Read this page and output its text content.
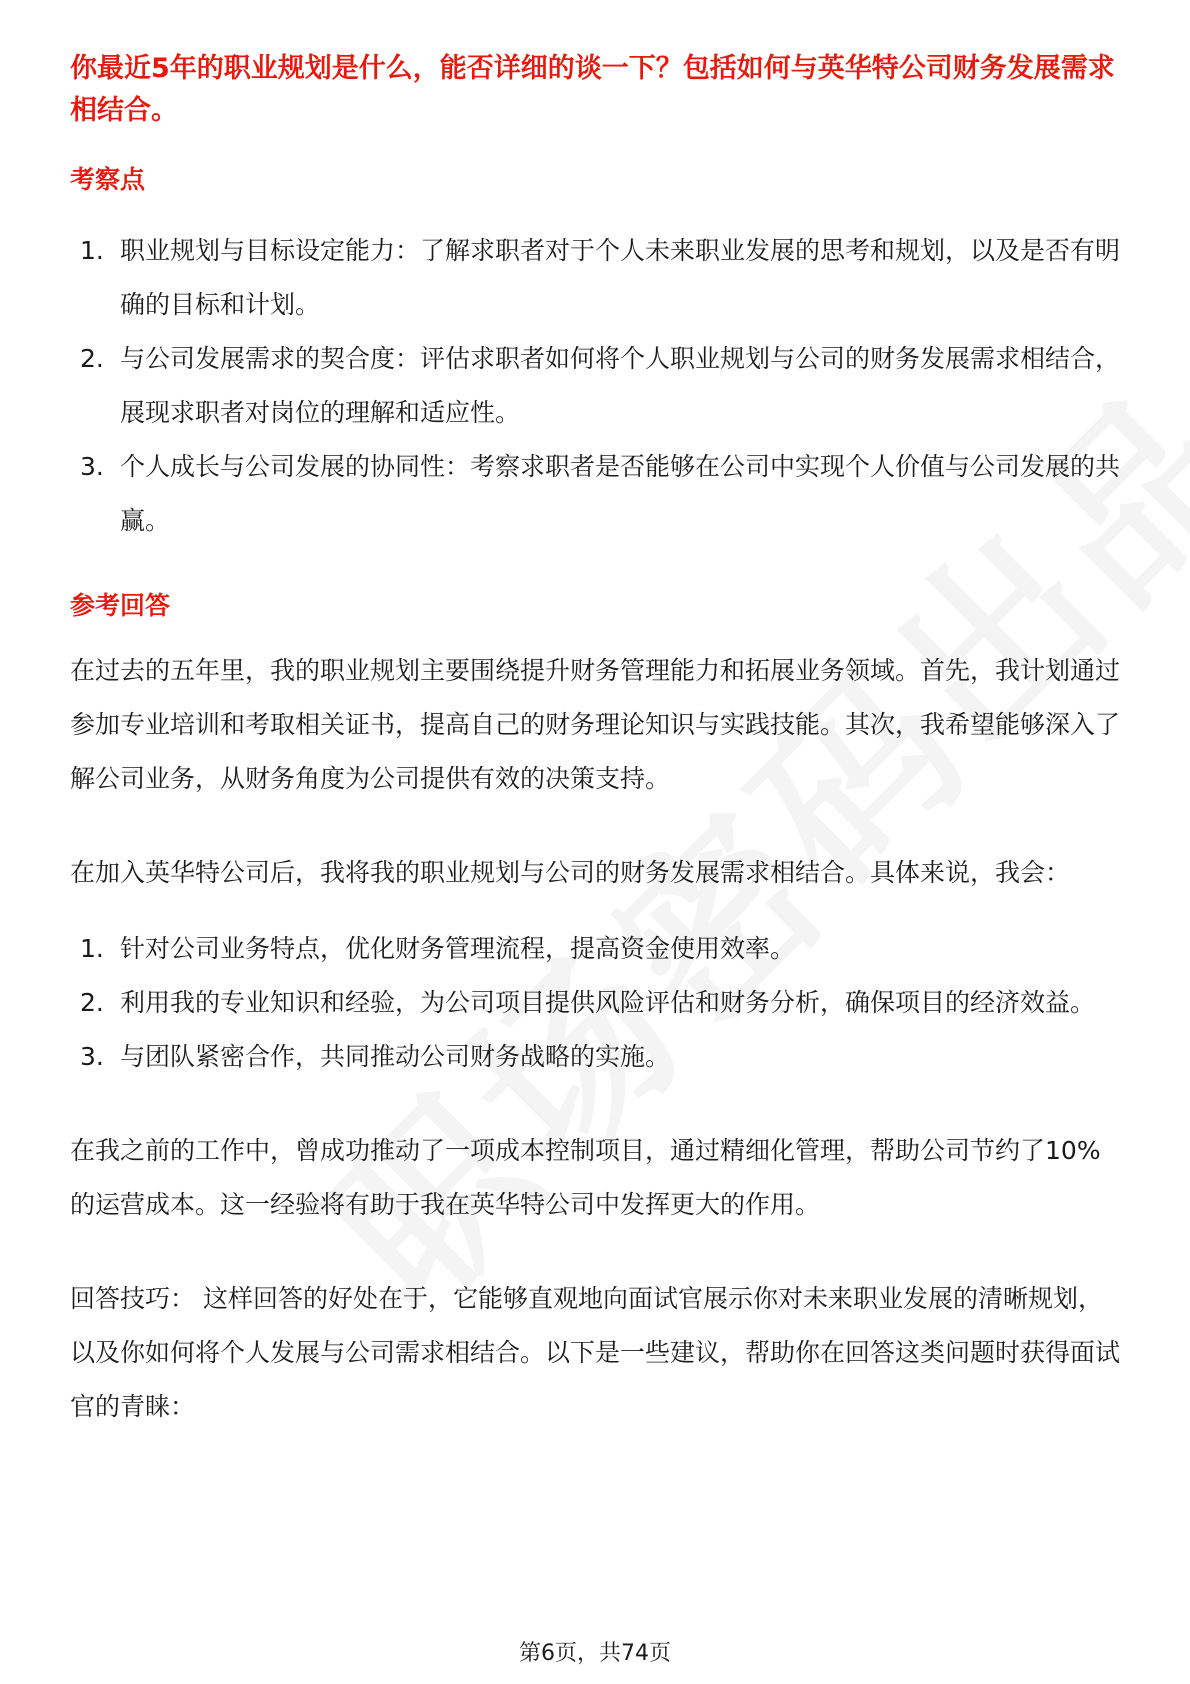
你最近5年的职业规划是什么，能否详细的谈一下？包括如何与英华特公司财务发展需求相结合。

考察点

1. 职业规划与目标设定能力：了解求职者对于个人未来职业发展的思考和规划，以及是否有明确的目标和计划。
2. 与公司发展需求的契合度：评估求职者如何将个人职业规划与公司的财务发展需求相结合，展现求职者对岗位的理解和适应性。
3. 个人成长与公司发展的协同性：考察求职者是否能够在公司中实现个人价值与公司发展的共赢。

参考回答

在过去的五年里，我的职业规划主要围绕提升财务管理能力和拓展业务领域。首先，我计划通过参加专业培训和考取相关证书，提高自己的财务理论知识与实践技能。其次，我希望能够深入了解公司业务，从财务角度为公司提供有效的决策支持。

在加入英华特公司后，我将我的职业规划与公司的财务发展需求相结合。具体来说，我会：

1. 针对公司业务特点，优化财务管理流程，提高资金使用效率。
2. 利用我的专业知识和经验，为公司项目提供风险评估和财务分析，确保项目的经济效益。
3. 与团队紧密合作，共同推动公司财务战略的实施。

在我之前的工作中，曾成功推动了一项成本控制项目，通过精细化管理，帮助公司节约了10%的运营成本。这一经验将有助于我在英华特公司中发挥更大的作用。

回答技巧： 这样回答的好处在于，它能够直观地向面试官展示你对未来职业发展的清晰规划，以及你如何将个人发展与公司需求相结合。以下是一些建议，帮助你在回答这类问题时获得面试官的青睐：

第6页，共74页
